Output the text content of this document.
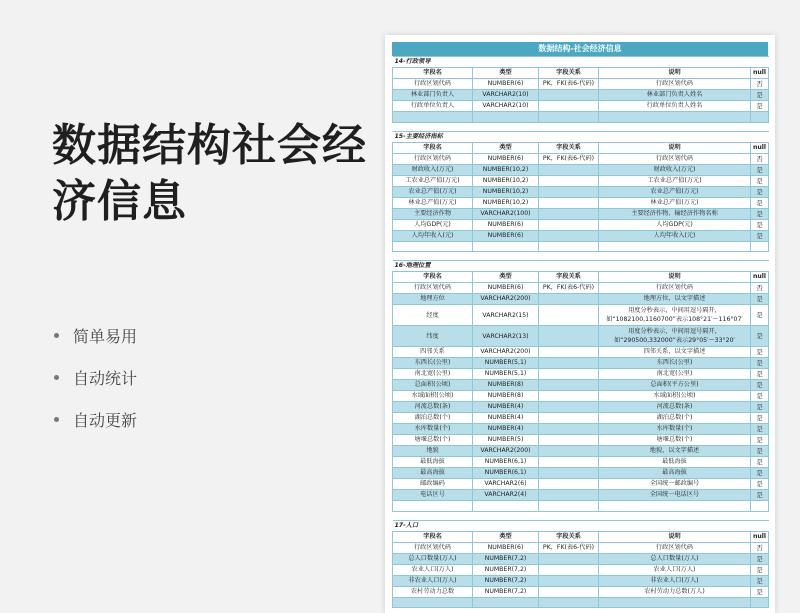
数据结构社会经济信息
简单易用
自动统计
自动更新
数据结构-社会经济信息
14-行政领导				
字段名	类型	字段关系	说明	null
行政区划代码	NUMBER(6)	PK，FK(表6-代码)	行政区划代码	否
林业部门负责人	VARCHAR2(10)		林业部门负责人姓名	是
行政单位负责人	VARCHAR2(10)		行政单位负责人姓名	是

15-主要经济指标				
字段名	类型	字段关系	说明	null
行政区划代码	NUMBER(6)	PK，FK(表6-代码)	行政区划代码	否
财政收入(万元)	NUMBER(10,2)		财政收入(万元)	是
工农业总产值(万元)	NUMBER(10,2)		工农业总产值(万元)	是
农业总产值(万元)	NUMBER(10,2)		农业总产值(万元)	是
林业总产值(万元)	NUMBER(10,2)		林业总产值(万元)	是
主要经济作物	VARCHAR2(100)		主要经济作物、输经济作物名称	是
人均GDP(元)	NUMBER(6)		人均GDP(元)	是
人均年收入(元)	NUMBER(6)		人均年收入(元)	是

16-地理位置				
字段名	类型	字段关系	说明	null
行政区划代码	NUMBER(6)	PK，FK(表6-代码)	行政区划代码	否
地理方位	VARCHAR2(200)		地理方位，以文字描述	是
经度	VARCHAR2(15)		用度分秒表示，中间用逗号隔开，如“1082100,1160700”表示108°21′～116°07′	是
纬度	VARCHAR2(13)		用度分秒表示，中间用逗号隔开，如“290500,332000”表示29°05′～33°20′	是
四邻关系	VARCHAR2(200)		四邻关系，以文字描述	是
东西长(公里)	NUMBER(5,1)		东西长(公里)	是
南北宽(公里)	NUMBER(5,1)		南北宽(公里)	是
总面积(公顷)	NUMBER(8)		总面积(平方公里)	是
水域面积(公顷)	NUMBER(8)		水域面积(公顷)	是
河流总数(条)	NUMBER(4)		河流总数(条)	是
湖泊总数(个)	NUMBER(4)		湖泊总数(个)	是
水库数量(个)	NUMBER(4)		水库数量(个)	是
塘堰总数(个)	NUMBER(5)		塘堰总数(个)	是
地貌	VARCHAR2(200)		地貌，以文字描述	是
最低海拔	NUMBER(6,1)		最低海拔	是
最高海拔	NUMBER(6,1)		最高海拔	是
邮政编码	VARCHAR2(6)		全国统一邮政编号	是
电话区号	VARCHAR2(4)		全国统一电话区号	是

17-人口				
字段名	类型	字段关系	说明	null
行政区划代码	NUMBER(6)	PK，FK(表6-代码)	行政区划代码	否
总人口数量(万人)	NUMBER(7,2)		总人口数量(万人)	是
农业人口(万人)	NUMBER(7,2)		农业人口(万人)	是
非农业人口(万人)	NUMBER(7,2)		非农业人口(万人)	是
农村劳动力总数	NUMBER(7,2)		农村劳动力总数(万人)	是
